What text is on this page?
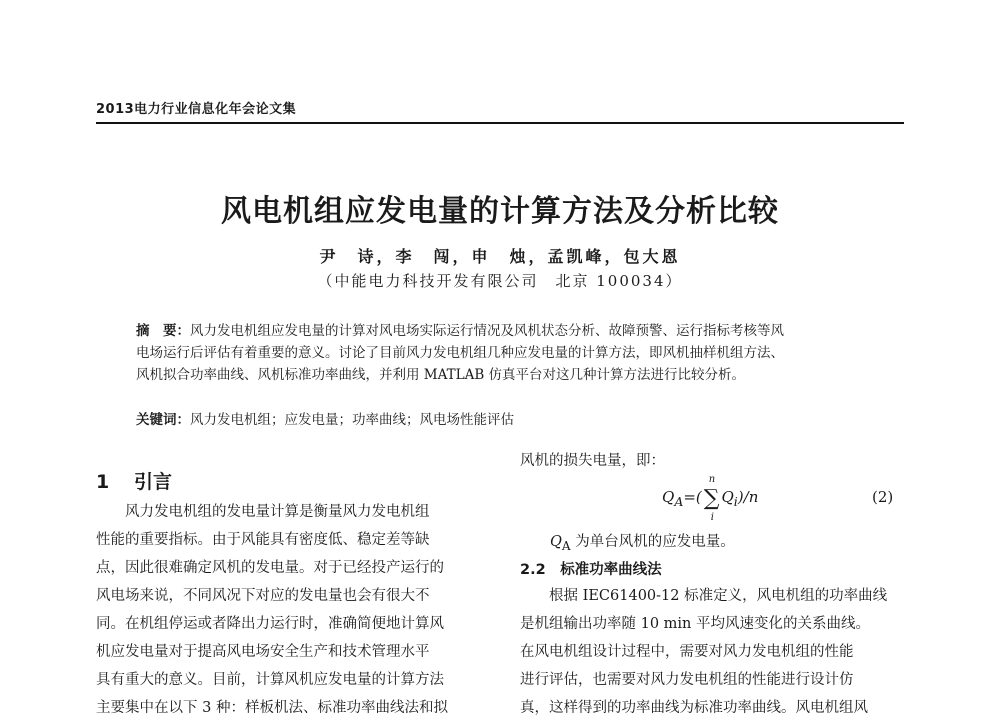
2013电力行业信息化年会论文集
风电机组应发电量的计算方法及分析比较
尹　诗，李　闯，申　烛，孟凯峰，包大恩
（中能电力科技开发有限公司　北京 100034）
摘　要：风力发电机组应发电量的计算对风电场实际运行情况及风机状态分析、故障预警、运行指标考核等风
电场运行后评估有着重要的意义。讨论了目前风力发电机组几种应发电量的计算方法，即风机抽样机组方法、
风机拟合功率曲线、风机标准功率曲线，并利用 MATLAB 仿真平台对这几种计算方法进行比较分析。
关键词：风力发电机组；应发电量；功率曲线；风电场性能评估
1 引言
　　风力发电机组的发电量计算是衡量风力发电机组
性能的重要指标。由于风能具有密度低、稳定差等缺
点，因此很难确定风机的发电量。对于已经投产运行的
风电场来说，不同风况下对应的发电量也会有很大不
同。在机组停运或者降出力运行时，准确简便地计算风
机应发电量对于提高风电场安全生产和技术管理水平
具有重大的意义。目前，计算风机应发电量的计算方法
主要集中在以下 3 种：样板机法、标准功率曲线法和拟
风机的损失电量，即：
$Q_A=$(
n
∑
i
$Q_i)/n$	(2)
$Q_A$ 为单台风机的应发电量。
2.2　 标准功率曲线法
　　根据 IEC61400-12 标准定义，风电机组的功率曲线
是机组输出功率随 10 min 平均风速变化的关系曲线。
在风电机组设计过程中，需要对风力发电机组的性能
进行评估，也需要对风力发电机组的性能进行设计仿
真，这样得到的功率曲线为标准功率曲线。风电机组风
